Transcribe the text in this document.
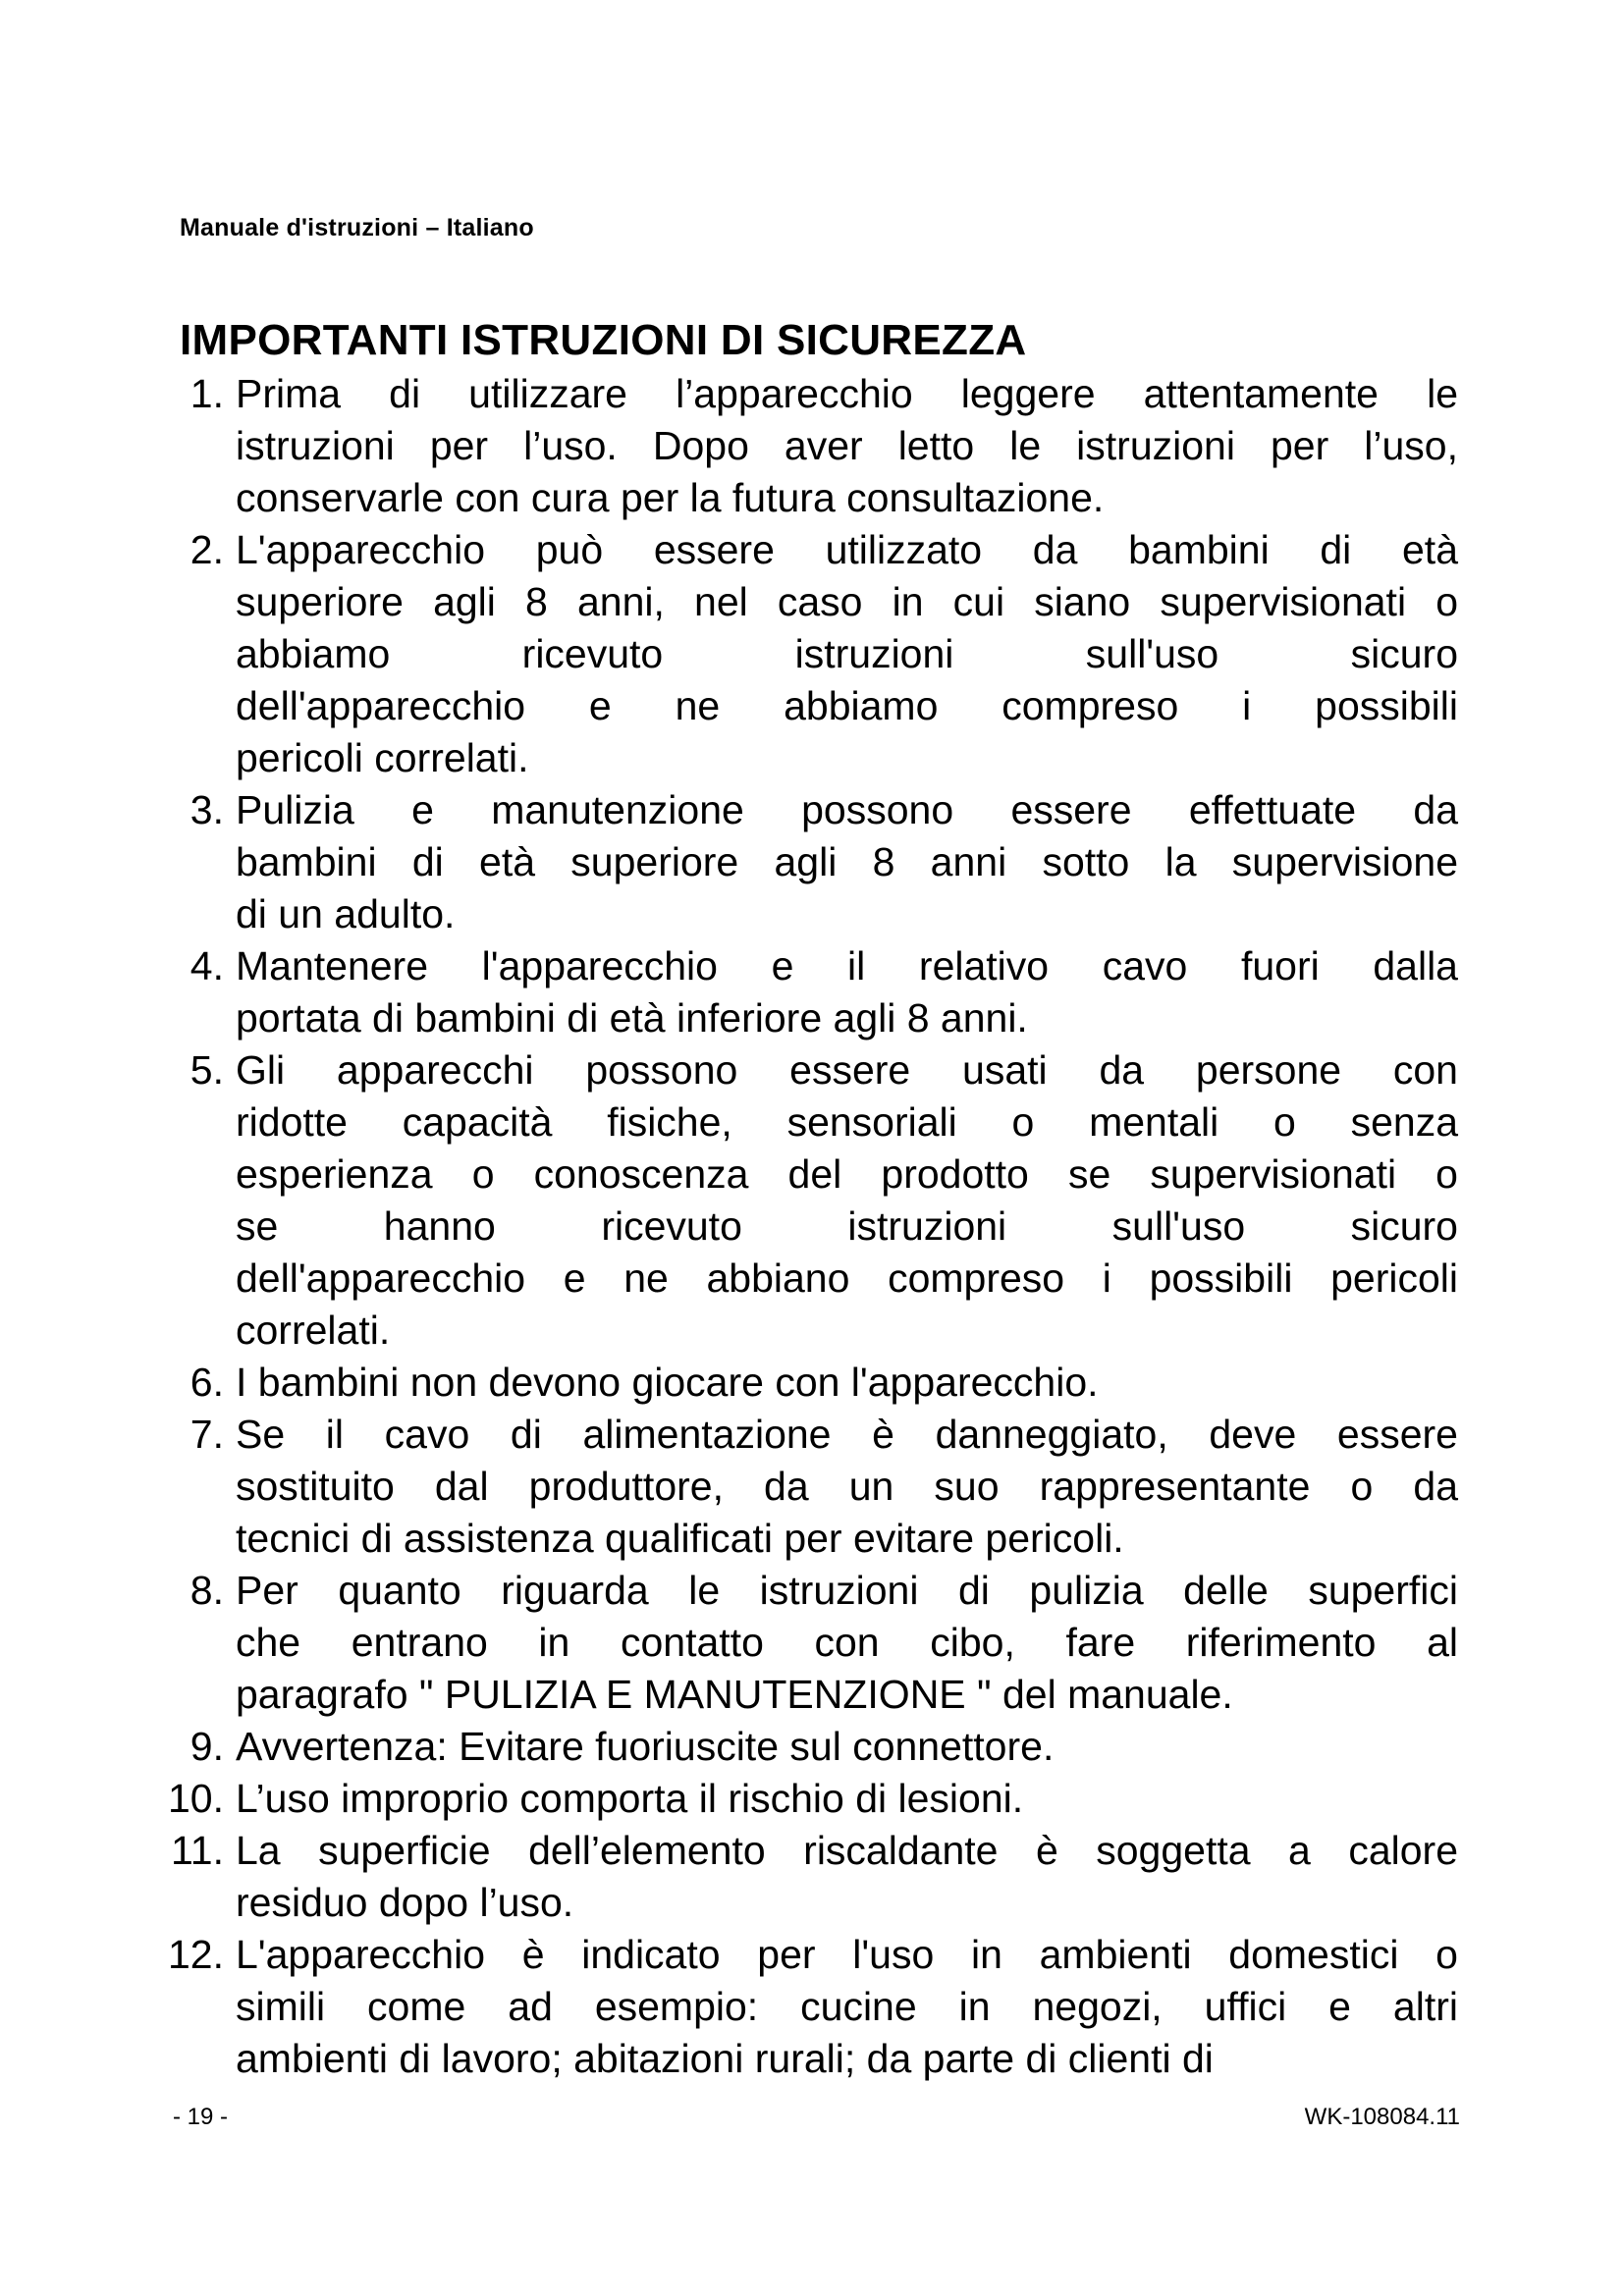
Manuale d'istruzioni – Italiano
IMPORTANTI ISTRUZIONI DI SICUREZZA
1. Prima di utilizzare l’apparecchio leggere attentamente le
istruzioni per l’uso. Dopo aver letto le istruzioni per l’uso,
conservarle con cura per la futura consultazione.
2. L'apparecchio può essere utilizzato da bambini di età
superiore agli 8 anni, nel caso in cui siano supervisionati o
abbiamo ricevuto istruzioni sull'uso sicuro
dell'apparecchio e ne abbiamo compreso i possibili
pericoli correlati.
3. Pulizia e manutenzione possono essere effettuate da
bambini di età superiore agli 8 anni sotto la supervisione
di un adulto.
4. Mantenere l'apparecchio e il relativo cavo fuori dalla
portata di bambini di età inferiore agli 8 anni.
5. Gli apparecchi possono essere usati da persone con
ridotte capacità fisiche, sensoriali o mentali o senza
esperienza o conoscenza del prodotto se supervisionati o
se hanno ricevuto istruzioni sull'uso sicuro
dell'apparecchio e ne abbiano compreso i possibili pericoli
correlati.
6. I bambini non devono giocare con l'apparecchio.
7. Se il cavo di alimentazione è danneggiato, deve essere
sostituito dal produttore, da un suo rappresentante o da
tecnici di assistenza qualificati per evitare pericoli.
8. Per quanto riguarda le istruzioni di pulizia delle superfici
che entrano in contatto con cibo, fare riferimento al
paragrafo " PULIZIA E MANUTENZIONE " del manuale.
9. Avvertenza: Evitare fuoriuscite sul connettore.
10. L’uso improprio comporta il rischio di lesioni.
11. La superficie dell’elemento riscaldante è soggetta a calore
residuo dopo l’uso.
12. L'apparecchio è indicato per l'uso in ambienti domestici o
simili come ad esempio: cucine in negozi, uffici e altri
ambienti di lavoro; abitazioni rurali; da parte di clienti di
- 19 -	WK-108084.11
